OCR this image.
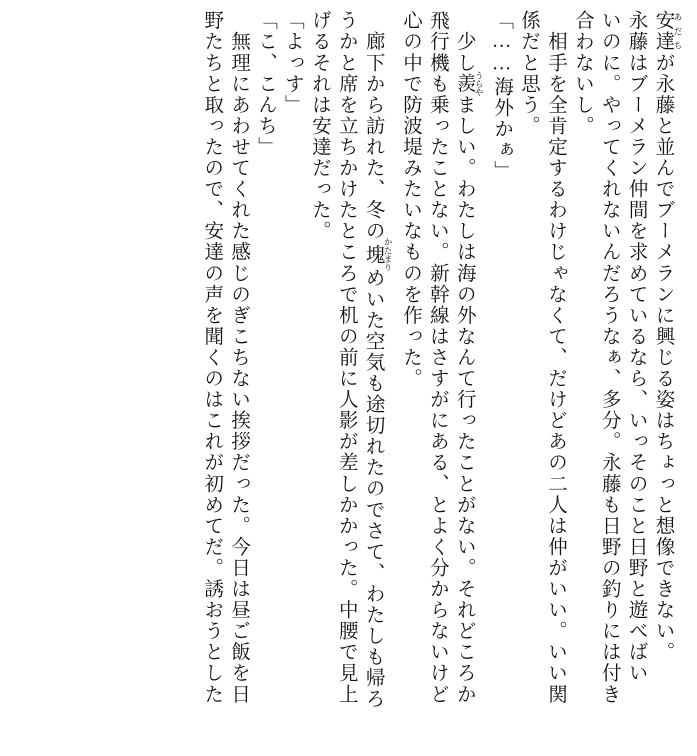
安達 あだちが永藤と並んでブーメランに興じる姿はちょっと想像できない。
永藤はブーメラン仲間を求めているなら、いっそのこと日野と遊べばい
いのに。やってくれないんだろうなぁ、多分。永藤も日野の釣りには付き
合わないし。
　相手を全肯定するわけじゃなくて、だけどあの二人は仲がいい。いい関
係だと思う。
「……海外かぁ」
　少し羨 うらやましい。わたしは海の外なんて行ったことがない。それどころか
飛行機も乗ったことない。新幹線はさすがにある、とよく分からないけど
心の中で防波堤みたいなものを作った。
　廊下から訪れた、冬の塊 かたまりめいた空気も途切れたのでさて、わたしも帰ろ
うかと席を立ちかけたところで机の前に人影が差しかかった。中腰で見上
げるそれは安達だった。
「よっす」
「こ、こんち」
　無理にあわせてくれた感じのぎこちない挨拶だった。今日は昼ご飯を日
野たちと取ったので、安達の声を聞くのはこれが初めてだ。誘おうとした
